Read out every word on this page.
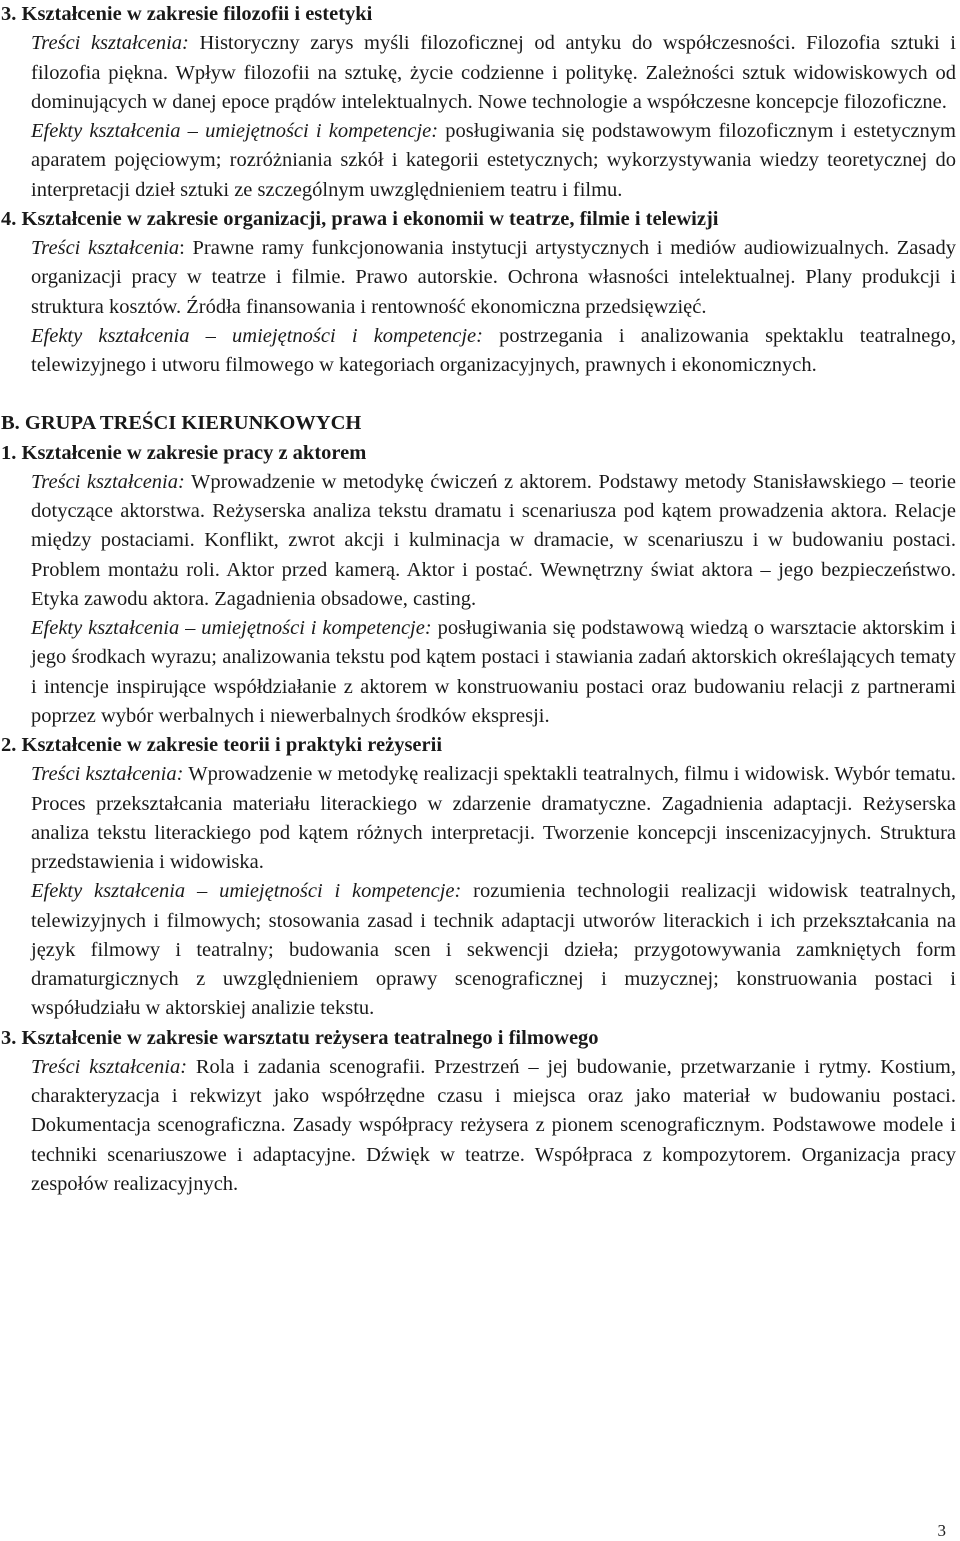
3. Kształcenie w zakresie filozofii i estetyki

Treści kształcenia: Historyczny zarys myśli filozoficznej od antyku do współczesności. Filozofia sztuki i filozofia piękna. Wpływ filozofii na sztukę, życie codzienne i politykę. Zależności sztuk widowiskowych od dominujących w danej epoce prądów intelektualnych. Nowe technologie a współczesne koncepcje filozoficzne.

Efekty kształcenia – umiejętności i kompetencje: posługiwania się podstawowym filozoficznym i estetycznym aparatem pojęciowym; rozróżniania szkół i kategorii estetycznych; wykorzystywania wiedzy teoretycznej do interpretacji dzieł sztuki ze szczególnym uwzględnieniem teatru i filmu.

4. Kształcenie w zakresie organizacji, prawa i ekonomii w teatrze, filmie i telewizji

Treści kształcenia: Prawne ramy funkcjonowania instytucji artystycznych i mediów audiowizualnych. Zasady organizacji pracy w teatrze i filmie. Prawo autorskie. Ochrona własności intelektualnej. Plany produkcji i struktura kosztów. Źródła finansowania i rentowność ekonomiczna przedsięwzięć.

Efekty kształcenia – umiejętności i kompetencje: postrzegania i analizowania spektaklu teatralnego, telewizyjnego i utworu filmowego w kategoriach organizacyjnych, prawnych i ekonomicznych.

B. GRUPA TREŚCI KIERUNKOWYCH
1. Kształcenie w zakresie pracy z aktorem

Treści kształcenia: Wprowadzenie w metodykę ćwiczeń z aktorem. Podstawy metody Stanisławskiego – teorie dotyczące aktorstwa. Reżyserska analiza tekstu dramatu i scenariusza pod kątem prowadzenia aktora. Relacje między postaciami. Konflikt, zwrot akcji i kulminacja w dramacie, w scenariuszu i w budowaniu postaci. Problem montażu roli. Aktor przed kamerą. Aktor i postać. Wewnętrzny świat aktora – jego bezpieczeństwo. Etyka zawodu aktora. Zagadnienia obsadowe, casting.

Efekty kształcenia – umiejętności i kompetencje: posługiwania się podstawową wiedzą o warsztacie aktorskim i jego środkach wyrazu; analizowania tekstu pod kątem postaci i stawiania zadań aktorskich określających tematy i intencje inspirujące współdziałanie z aktorem w konstruowaniu postaci oraz budowaniu relacji z partnerami poprzez wybór werbalnych i niewerbalnych środków ekspresji.

2. Kształcenie w zakresie teorii i praktyki reżyserii

Treści kształcenia: Wprowadzenie w metodykę realizacji spektakli teatralnych, filmu i widowisk. Wybór tematu. Proces przekształcania materiału literackiego w zdarzenie dramatyczne. Zagadnienia adaptacji. Reżyserska analiza tekstu literackiego pod kątem różnych interpretacji. Tworzenie koncepcji inscenizacyjnych. Struktura przedstawienia i widowiska.

Efekty kształcenia – umiejętności i kompetencje: rozumienia technologii realizacji widowisk teatralnych, telewizyjnych i filmowych; stosowania zasad i technik adaptacji utworów literackich i ich przekształcania na język filmowy i teatralny; budowania scen i sekwencji dzieła; przygotowywania zamkniętych form dramaturgicznych z uwzględnieniem oprawy scenograficznej i muzycznej; konstruowania postaci i współudziału w aktorskiej analizie tekstu.

3. Kształcenie w zakresie warsztatu reżysera teatralnego i filmowego

Treści kształcenia: Rola i zadania scenografii. Przestrzeń – jej budowanie, przetwarzanie i rytmy. Kostium, charakteryzacja i rekwizyt jako współrzędne czasu i miejsca oraz jako materiał w budowaniu postaci. Dokumentacja scenograficzna. Zasady współpracy reżysera z pionem scenograficznym. Podstawowe modele i techniki scenariuszowe i adaptacyjne. Dźwięk w teatrze. Współpraca z kompozytorem. Organizacja pracy zespołów realizacyjnych.

3
